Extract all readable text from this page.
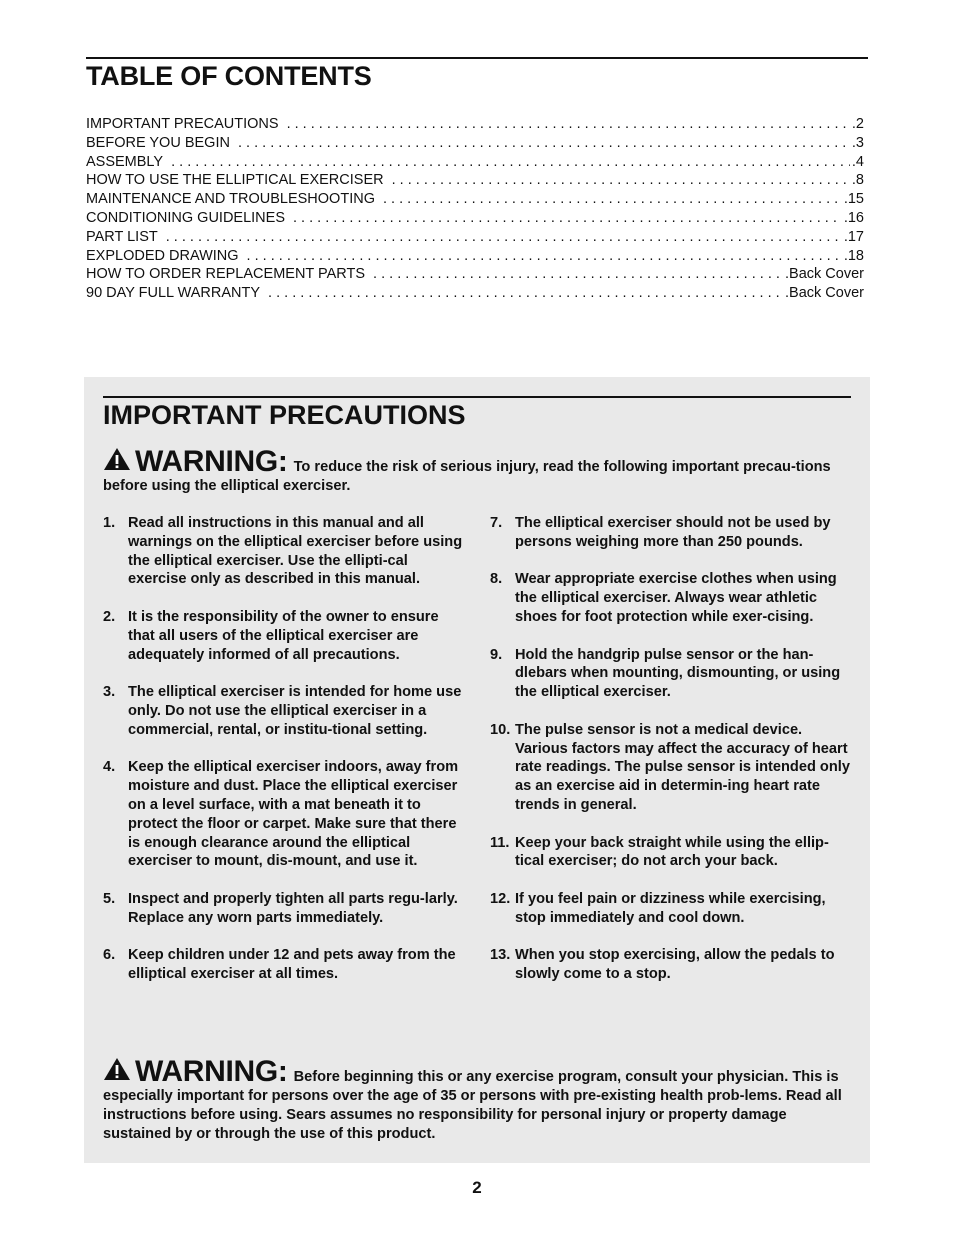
TABLE OF CONTENTS
IMPORTANT PRECAUTIONS . . .	.2
BEFORE YOU BEGIN . . .	.3
ASSEMBLY . . .	.4
HOW TO USE THE ELLIPTICAL EXERCISER . . .	.8
MAINTENANCE AND TROUBLESHOOTING . . .	.15
CONDITIONING GUIDELINES . . .	.16
PART LIST . . .	.17
EXPLODED DRAWING . . .	.18
HOW TO ORDER REPLACEMENT PARTS . . .	.Back Cover
90 DAY FULL WARRANTY . . .	.Back Cover
IMPORTANT PRECAUTIONS
WARNING: To reduce the risk of serious injury, read the following important precau-tions before using the elliptical exerciser.
1. Read all instructions in this manual and all warnings on the elliptical exerciser before using the elliptical exerciser. Use the ellipti-cal exercise only as described in this manual.
2. It is the responsibility of the owner to ensure that all users of the elliptical exerciser are adequately informed of all precautions.
3. The elliptical exerciser is intended for home use only. Do not use the elliptical exerciser in a commercial, rental, or institu-tional setting.
4. Keep the elliptical exerciser indoors, away from moisture and dust. Place the elliptical exerciser on a level surface, with a mat beneath it to protect the floor or carpet. Make sure that there is enough clearance around the elliptical exerciser to mount, dis-mount, and use it.
5. Inspect and properly tighten all parts regu-larly. Replace any worn parts immediately.
6. Keep children under 12 and pets away from the elliptical exerciser at all times.
7. The elliptical exerciser should not be used by persons weighing more than 250 pounds.
8. Wear appropriate exercise clothes when using the elliptical exerciser. Always wear athletic shoes for foot protection while exer-cising.
9. Hold the handgrip pulse sensor or the han-dlebars when mounting, dismounting, or using the elliptical exerciser.
10. The pulse sensor is not a medical device. Various factors may affect the accuracy of heart rate readings. The pulse sensor is intended only as an exercise aid in determin-ing heart rate trends in general.
11. Keep your back straight while using the ellip-tical exerciser; do not arch your back.
12. If you feel pain or dizziness while exercising, stop immediately and cool down.
13. When you stop exercising, allow the pedals to slowly come to a stop.
WARNING: Before beginning this or any exercise program, consult your physician. This is especially important for persons over the age of 35 or persons with pre-existing health prob-lems. Read all instructions before using. Sears assumes no responsibility for personal injury or property damage sustained by or through the use of this product.
2
